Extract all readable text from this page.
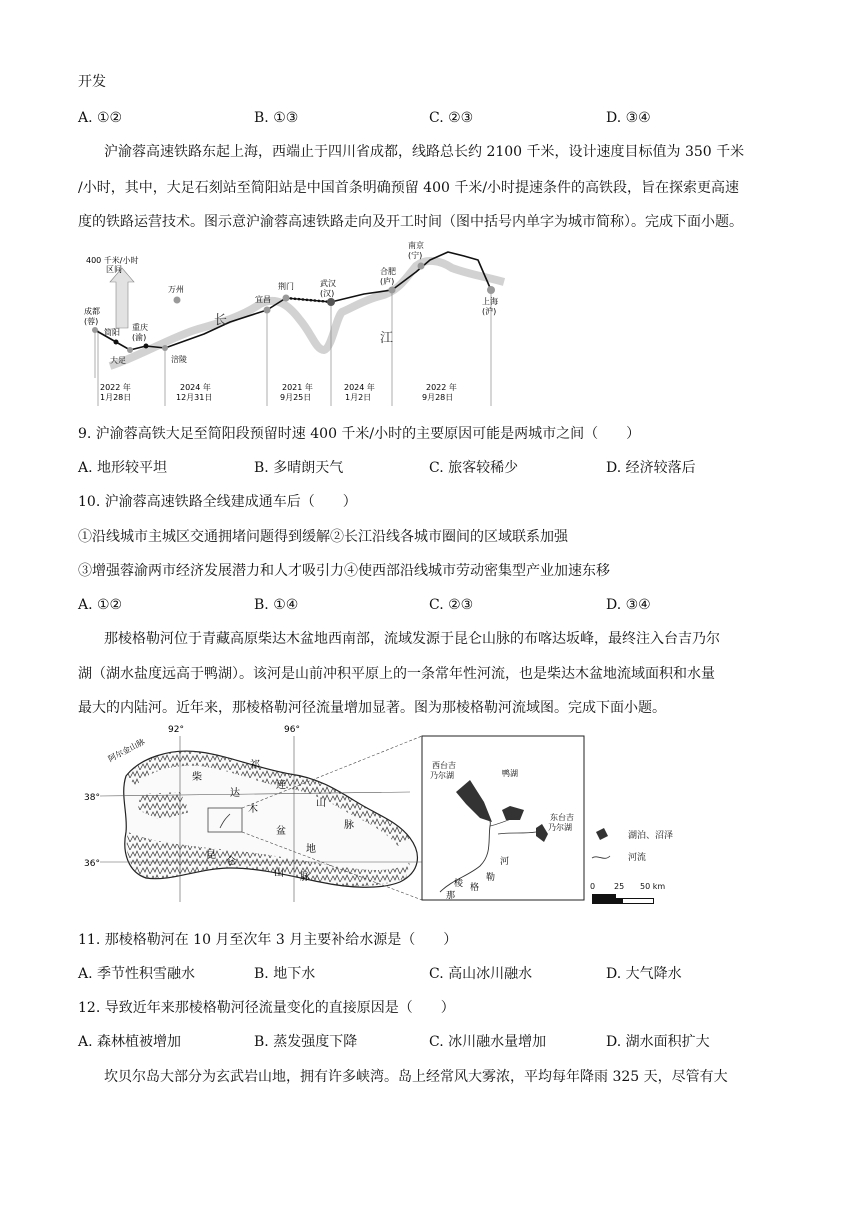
开发
A. ①②	B. ①③	C. ②③	D. ③④
沪渝蓉高速铁路东起上海，西端止于四川省成都，线路总长约 2100 千米，设计速度目标值为 350 千米
/小时，其中，大足石刻站至简阳站是中国首条明确预留 400 千米/小时提速条件的高铁段，旨在探索更高速
度的铁路运营技术。图示意沪渝蓉高速铁路走向及开工时间（图中括号内单字为城市简称）。完成下面小题。
400 千米/小时
区间
成都
(蓉)
简阳
重庆
(渝)
大足	涪陵
万州
宜昌
荆门	武汉
(汉)
合肥
(庐)
南京
(宁)
上海
(沪)
长
江
2022 年
1月28日
2024 年
12月31日
2021 年
9月25日
2024 年
1月2日
2022 年
9月28日
9. 沪渝蓉高铁大足至简阳段预留时速 400 千米/小时的主要原因可能是两城市之间（　　）
A. 地形较平坦	B. 多晴朗天气	C. 旅客较稀少	D. 经济较落后
10. 沪渝蓉高速铁路全线建成通车后（　　）
①沿线城市主城区交通拥堵问题得到缓解②长江沿线各城市圈间的区域联系加强
③增强蓉渝两市经济发展潜力和人才吸引力④使西部沿线城市劳动密集型产业加速东移
A. ①②	B. ①④	C. ②③	D. ③④
那棱格勒河位于青藏高原柴达木盆地西南部，流域发源于昆仑山脉的布喀达坂峰，最终注入台吉乃尔
湖（湖水盐度远高于鸭湖）。该河是山前冲积平原上的一条常年性河流，也是柴达木盆地流域面积和水量
最大的内陆河。近年来，那棱格勒河径流量增加显著。图为那棱格勒河流域图。完成下面小题。
92°	96°
38°
36°
阿尔金山脉
祁
连
山
脉
柴
达
木
盆
地
昆
仑
山 脉
西台吉
乃尔湖	鸭湖
东台吉
乃尔湖
河
勒
格
棱
那
湖泊、沼泽
河流
0 25 50 km
11. 那棱格勒河在 10 月至次年 3 月主要补给水源是（　　）
A. 季节性积雪融水	B. 地下水	C. 高山冰川融水	D. 大气降水
12. 导致近年来那棱格勒河径流量变化的直接原因是（　　）
A. 森林植被增加	B. 蒸发强度下降	C. 冰川融水量增加	D. 湖水面积扩大
坎贝尔岛大部分为玄武岩山地，拥有许多峡湾。岛上经常风大雾浓，平均每年降雨 325 天，尽管有大
